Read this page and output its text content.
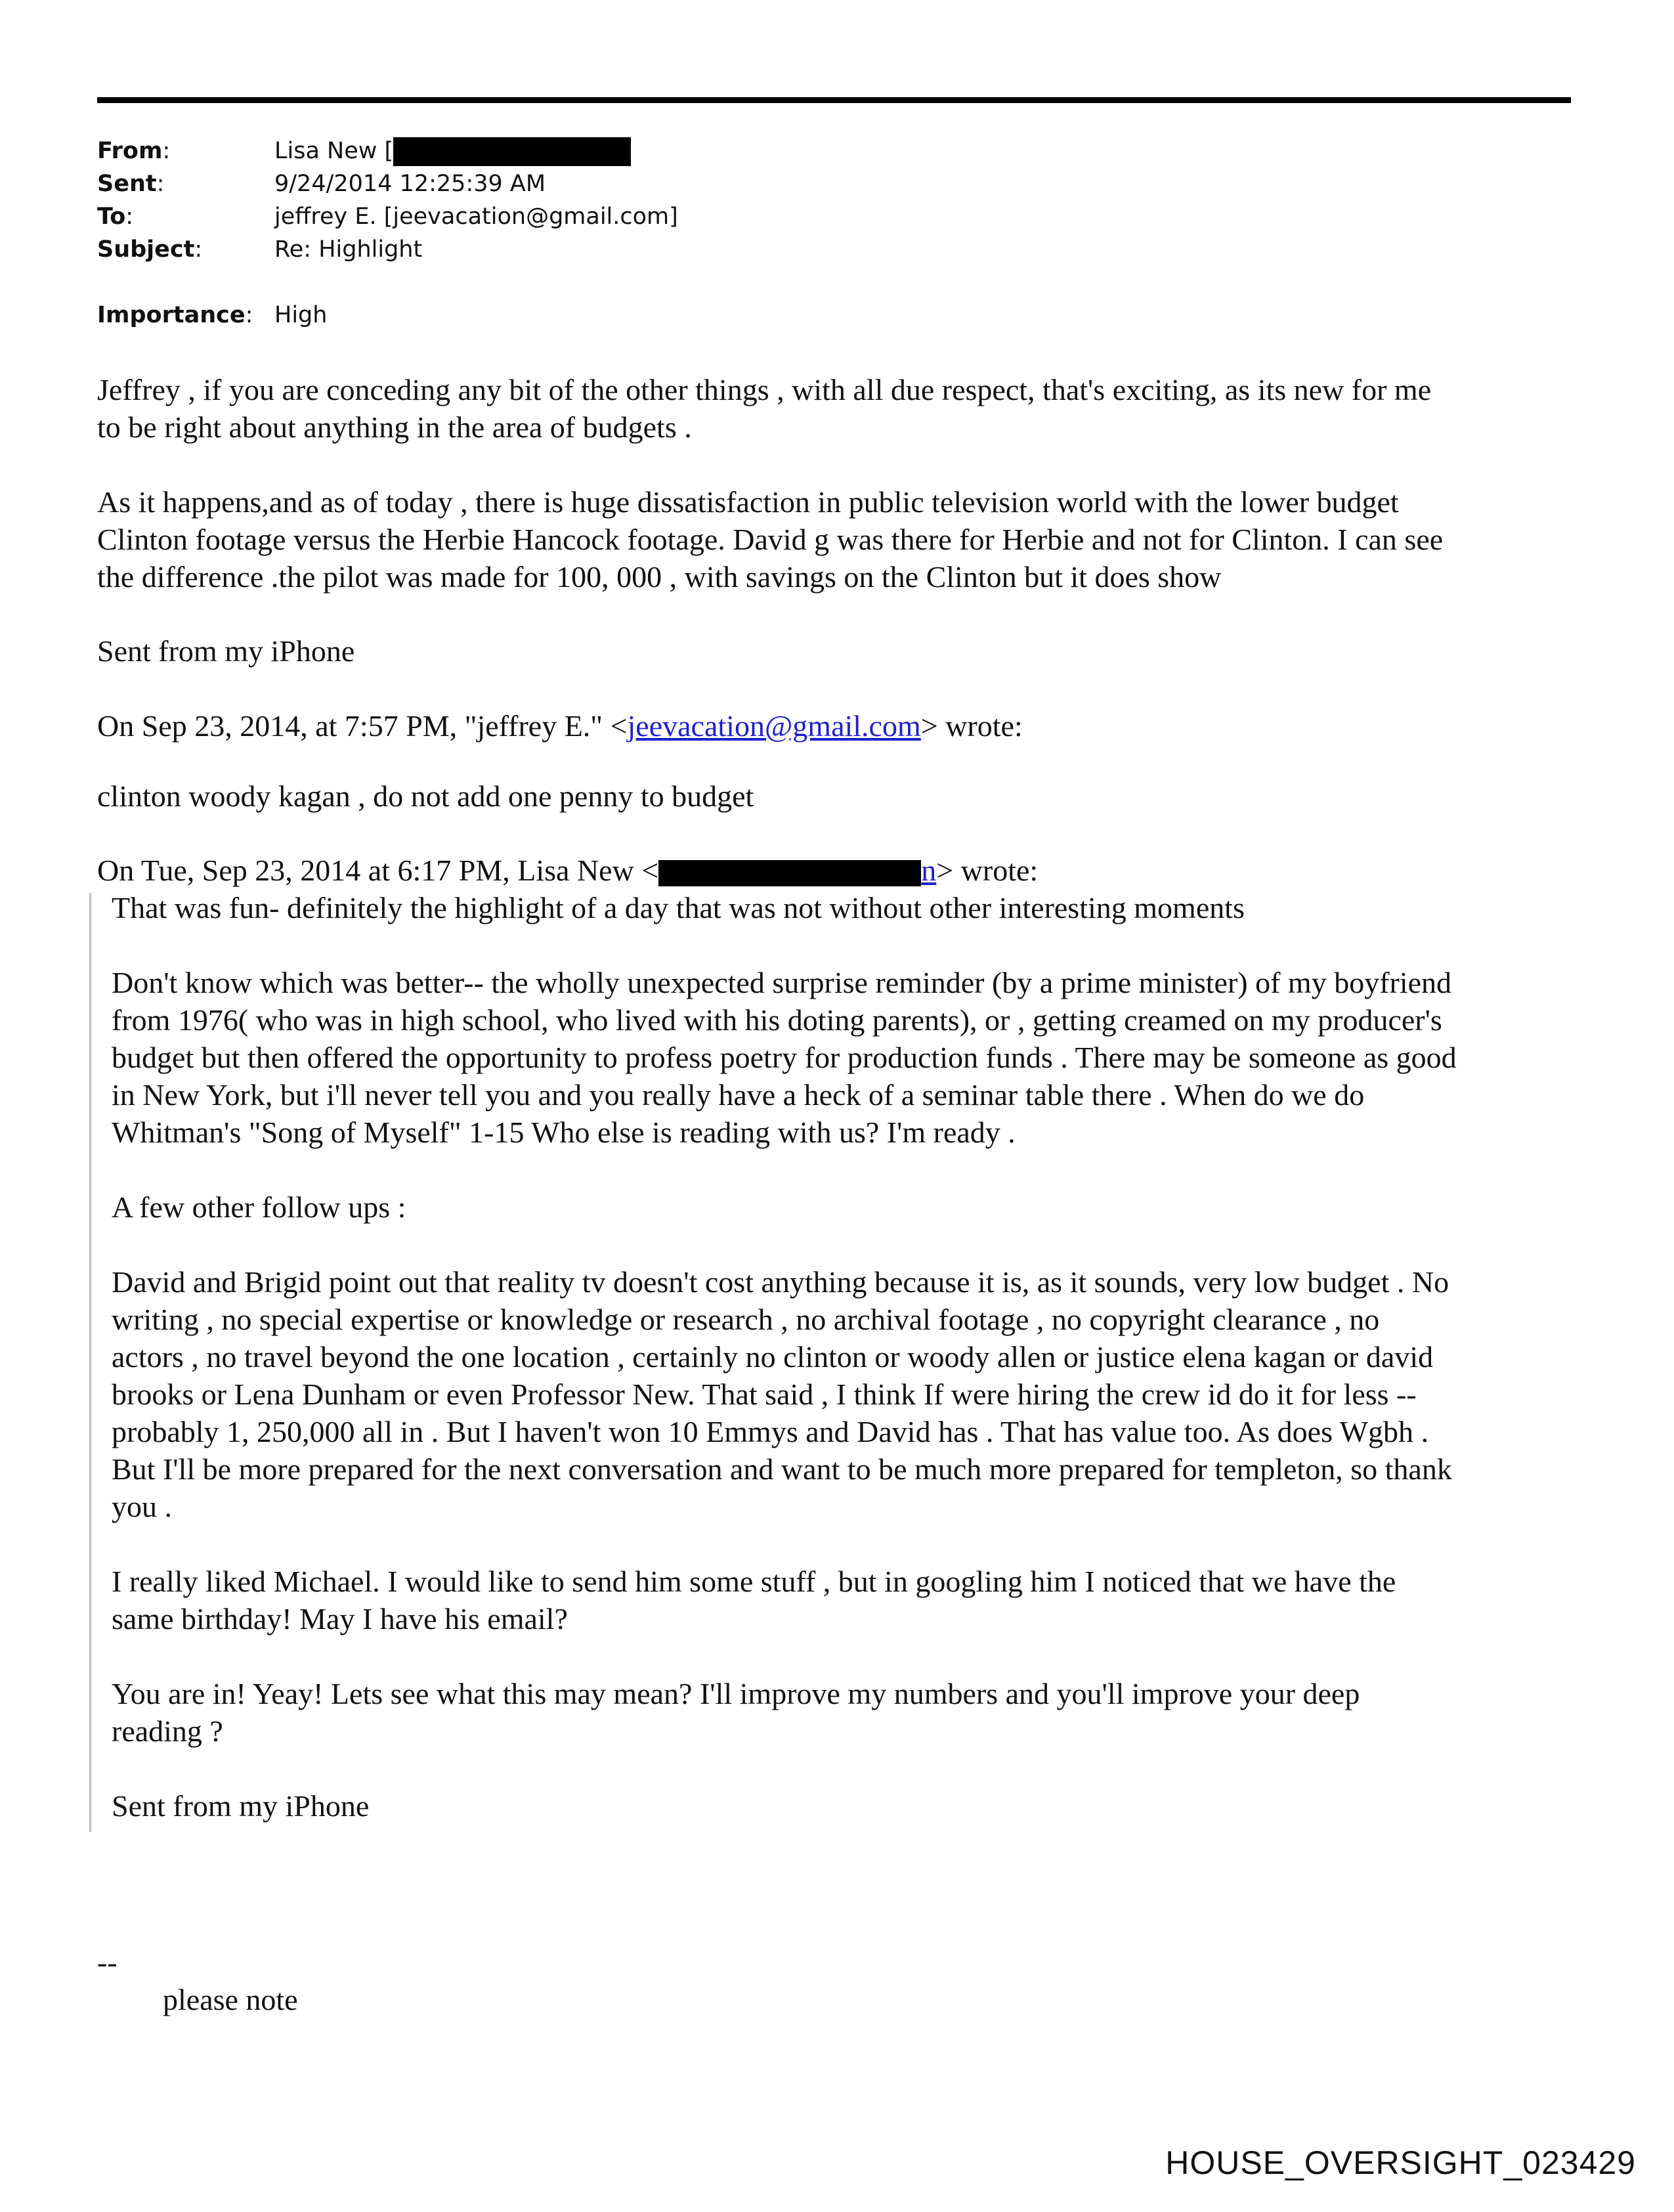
From:	Lisa New [
Sent:	9/24/2014 12:25:39 AM
To:	jeffrey E. [jeevacation@gmail.com]
Subject:	Re: Highlight
Importance: High
Jeffrey , if you are conceding any bit of the other things , with all due respect, that's exciting, as its new for me
to be right about anything in the area of budgets .
As it happens,and as of today , there is huge dissatisfaction in public television world with the lower budget
Clinton footage versus the Herbie Hancock footage. David g was there for Herbie and not for Clinton. I can see
the difference .the pilot was made for 100, 000 , with savings on the Clinton but it does show
Sent from my iPhone
On Sep 23, 2014, at 7:57 PM, "jeffrey E." <jeevacation@gmail.com> wrote:
clinton woody kagan , do not add one penny to budget
On Tue, Sep 23, 2014 at 6:17 PM, Lisa New <	n> wrote:
That was fun- definitely the highlight of a day that was not without other interesting moments
Don't know which was better-- the wholly unexpected surprise reminder (by a prime minister) of my boyfriend
from 1976( who was in high school, who lived with his doting parents), or , getting creamed on my producer's
budget but then offered the opportunity to profess poetry for production funds . There may be someone as good
in New York, but i'll never tell you and you really have a heck of a seminar table there . When do we do
Whitman's "Song of Myself" 1-15 Who else is reading with us? I'm ready .
A few other follow ups :
David and Brigid point out that reality tv doesn't cost anything because it is, as it sounds, very low budget . No
writing , no special expertise or knowledge or research , no archival footage , no copyright clearance , no
actors , no travel beyond the one location , certainly no clinton or woody allen or justice elena kagan or david
brooks or Lena Dunham or even Professor New. That said , I think If were hiring the crew id do it for less --
probably 1, 250,000 all in . But I haven't won 10 Emmys and David has . That has value too. As does Wgbh .
But I'll be more prepared for the next conversation and want to be much more prepared for templeton, so thank
you .
I really liked Michael. I would like to send him some stuff , but in googling him I noticed that we have the
same birthday! May I have his email?
You are in! Yeay! Lets see what this may mean? I'll improve my numbers and you'll improve your deep
reading ?
Sent from my iPhone
--
please note
HOUSE_OVERSIGHT_023429
